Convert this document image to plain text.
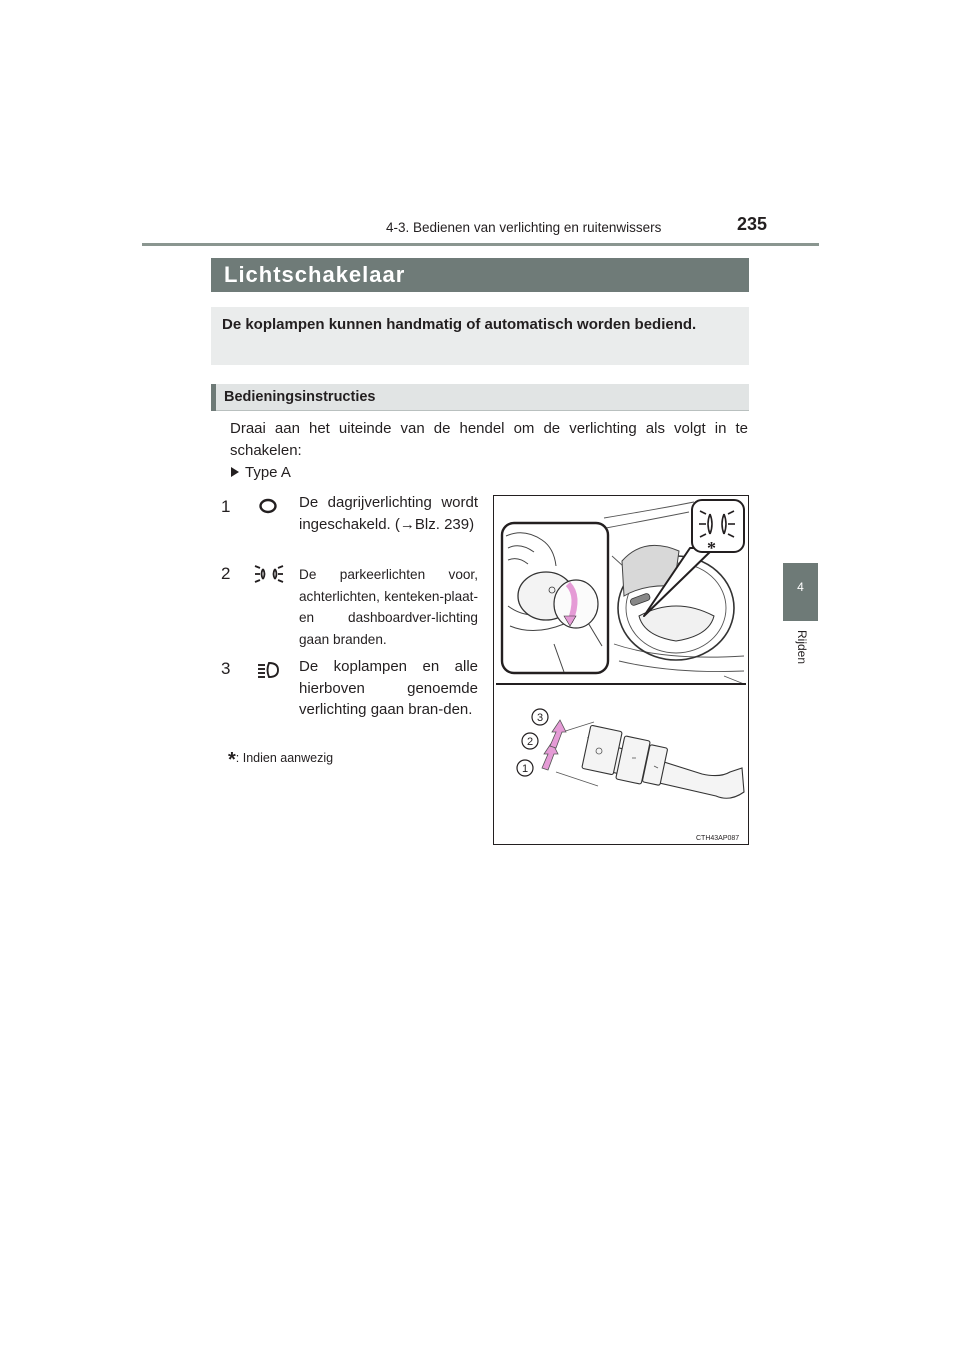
4-3. Bedienen van verlichting en ruitenwissers	235
4
Rijden
Lichtschakelaar
De koplampen kunnen handmatig of automatisch worden bediend.
Bedieningsinstructies
Draai aan het uiteinde van de hendel om de verlichting als volgt in te schakelen:
Type A
1	De dagrijverlichting wordt ingeschakeld. (→Blz. 239)
2	De parkeerlichten voor, achterlichten, kenteken-plaat- en dashboardver-lichting gaan branden.
3	De koplampen en alle hierboven genoemde verlichting gaan bran-den.
*: Indien aanwezig
1
2
3
*
CTH43AP087
